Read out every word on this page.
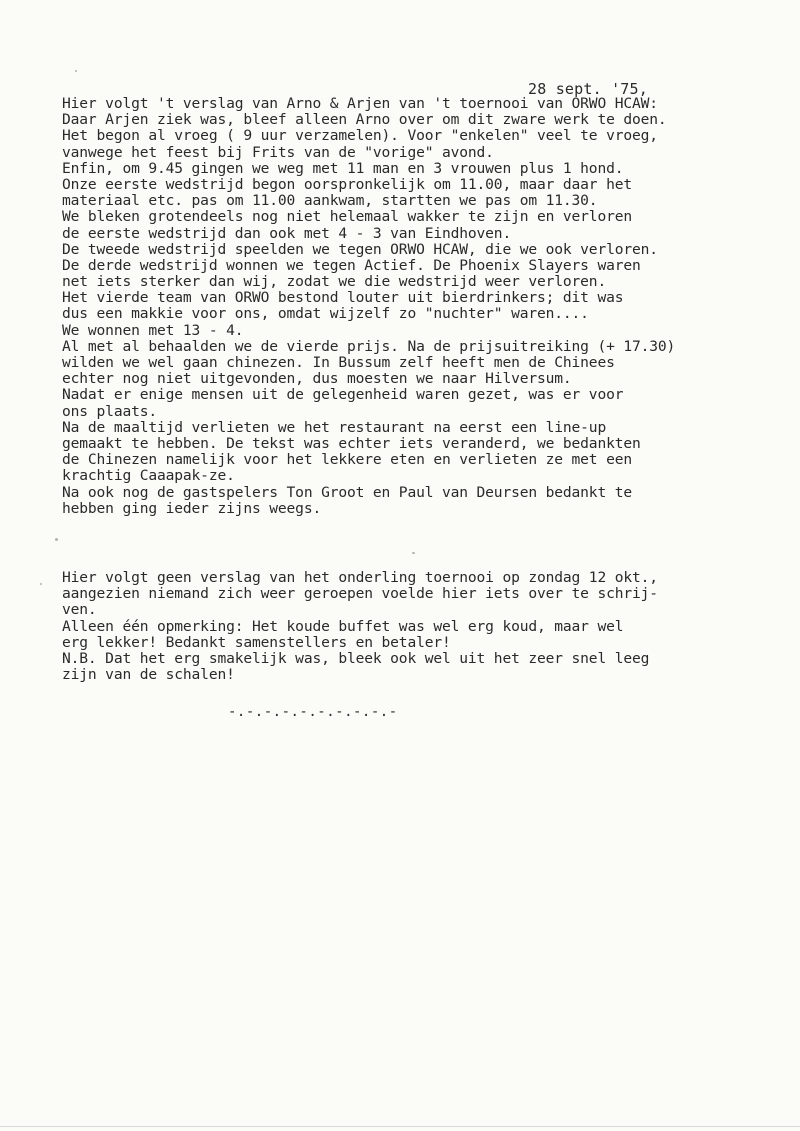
28 sept. '75,
Hier volgt 't verslag van Arno & Arjen van 't toernooi van ORWO HCAW:
Daar Arjen ziek was, bleef alleen Arno over om dit zware werk te doen.
Het begon al vroeg ( 9 uur verzamelen). Voor "enkelen" veel te vroeg,
vanwege het feest bij Frits van de "vorige" avond.
Enfin, om 9.45 gingen we weg met 11 man en 3 vrouwen plus 1 hond.
Onze eerste wedstrijd begon oorspronkelijk om 11.00, maar daar het
materiaal etc. pas om 11.00 aankwam, startten we pas om 11.30.
We bleken grotendeels nog niet helemaal wakker te zijn en verloren
de eerste wedstrijd dan ook met 4 - 3 van Eindhoven.
De tweede wedstrijd speelden we tegen ORWO HCAW, die we ook verloren.
De derde wedstrijd wonnen we tegen Actief. De Phoenix Slayers waren
net iets sterker dan wij, zodat we die wedstrijd weer verloren.
Het vierde team van ORWO bestond louter uit bierdrinkers; dit was
dus een makkie voor ons, omdat wijzelf zo "nuchter" waren....
We wonnen met 13 - 4.
Al met al behaalden we de vierde prijs. Na de prijsuitreiking (+ 17.30)
wilden we wel gaan chinezen. In Bussum zelf heeft men de Chinees
echter nog niet uitgevonden, dus moesten we naar Hilversum.
Nadat er enige mensen uit de gelegenheid waren gezet, was er voor
ons plaats.
Na de maaltijd verlieten we het restaurant na eerst een line-up
gemaakt te hebben. De tekst was echter iets veranderd, we bedankten
de Chinezen namelijk voor het lekkere eten en verlieten ze met een
krachtig Caaapak-ze.
Na ook nog de gastspelers Ton Groot en Paul van Deursen bedankt te
hebben ging ieder zijns weegs.
Hier volgt geen verslag van het onderling toernooi op zondag 12 okt.,
aangezien niemand zich weer geroepen voelde hier iets over te schrij-
ven.
Alleen één opmerking: Het koude buffet was wel erg koud, maar wel
erg lekker! Bedankt samenstellers en betaler!
N.B. Dat het erg smakelijk was, bleek ook wel uit het zeer snel leeg
zijn van de schalen!
-.-.-.-.-.-.-.-.-.-
